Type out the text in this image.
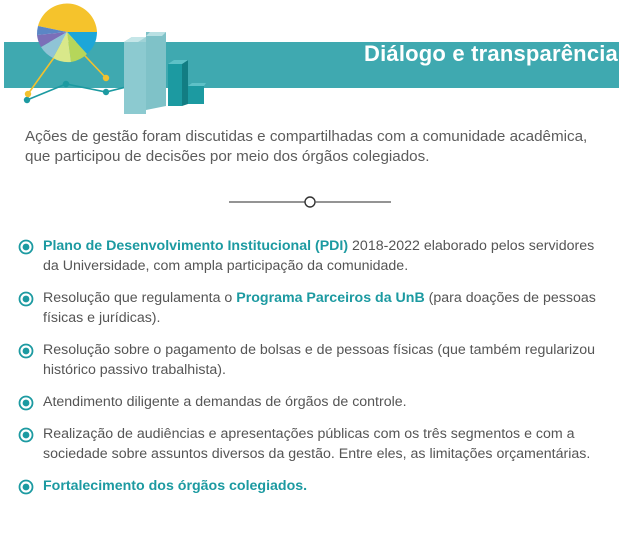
Diálogo e transparência

Ações de gestão foram discutidas e compartilhadas com a comunidade acadêmica, que participou de decisões por meio dos órgãos colegiados.

Plano de Desenvolvimento Institucional (PDI) 2018-2022 elaborado pelos servidores da Universidade, com ampla participação da comunidade.
Resolução que regulamenta o Programa Parceiros da UnB (para doações de pessoas físicas e jurídicas).
Resolução sobre o pagamento de bolsas e de pessoas físicas (que também regularizou histórico passivo trabalhista).
Atendimento diligente a demandas de órgãos de controle.
Realização de audiências e apresentações públicas com os três segmentos e com a sociedade sobre assuntos diversos da gestão. Entre eles, as limitações orçamentárias.
Fortalecimento dos órgãos colegiados.
